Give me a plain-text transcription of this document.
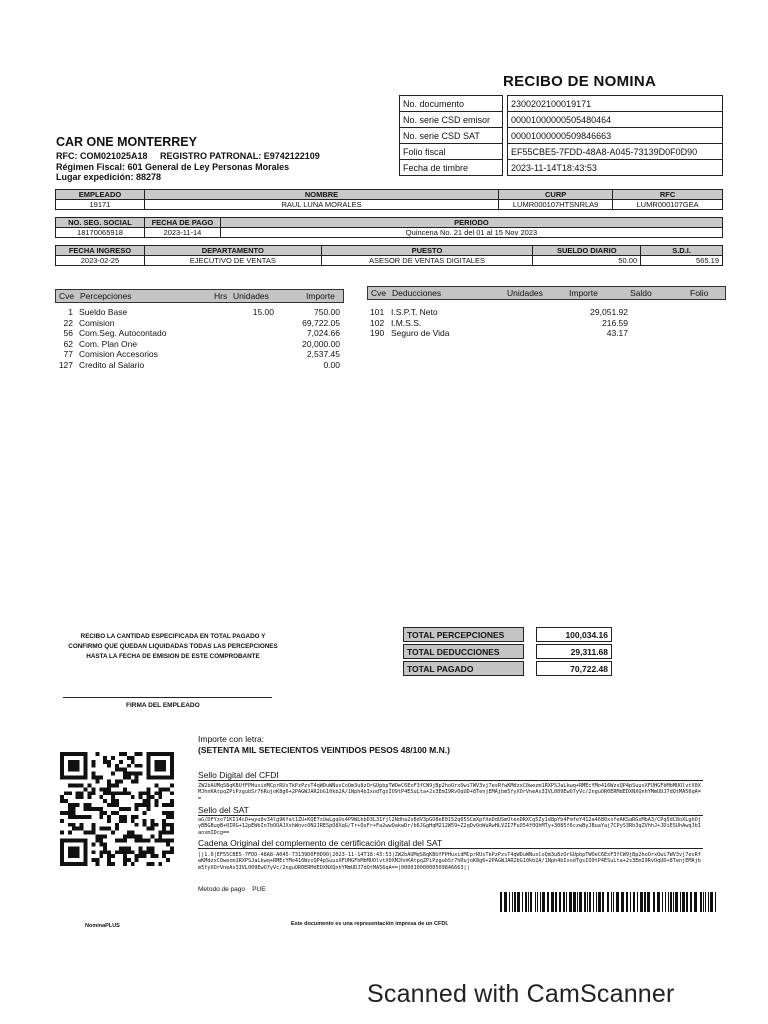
RECIBO DE NOMINA
No. documento		2300202100019171
No. serie CSD emisor		00001000000505480464
No. serie CSD SAT		00001000000509846663
Folio fiscal		EF55CBE5-7FDD-48A8-A045-73139D0F0D90
Fecha de timbre		2023-11-14T18:43:53
CAR ONE MONTERREY
RFC: COM021025A18     REGISTRO PATRONAL: E9742122109
Régimen Fiscal: 601 General de Ley Personas Morales
Lugar expedición: 88278
EMPLEADO	NOMBRE	CURP	RFC
19171	RAUL LUNA MORALES	LUMR000107HTSNRLA9	LUMR000107GEA
NO. SEG. SOCIAL	FECHA DE PAGO	PERIODO
18170065918	2023-11-14	Quincena No. 21 del 01 al 15 Nov 2023
FECHA INGRESO	DEPARTAMENTO	PUESTO	SUELDO DIARIO	S.D.I.
2023-02-25	EJECUTIVO DE VENTAS	ASESOR DE VENTAS DIGITALES	50.00	565.19
Cve Percepciones	Hrs Unidades	Importe
1 Sueldo Base	15.00	750.00
22 Comision	69,722.05
56 Com.Seg. Autocontado	7,024.66
62 Com. Plan One	20,000.00
77 Comision Accesorios	2,537.45
127 Credito al Salario	0.00
Cve Deducciones	Unidades	Importe	Saldo	Folio
101 I.S.P.T. Neto	29,051.92
102 I.M.S.S.	216.59
190 Seguro de Vida	43.17
RECIBO LA CANTIDAD ESPECIFICADA EN TOTAL PAGADO Y
CONFIRMO QUE QUEDAN LIQUIDADAS TODAS LAS PERCEPCIONES
HASTA LA FECHA DE EMISION DE ESTE COMPROBANTE
TOTAL PERCEPCIONES		100,034.16

TOTAL DEDUCCIONES		29,311.68

TOTAL PAGADO		70,722.48
FIRMA DEL EMPLEADO
Importe con letra:
(SETENTA MIL SETECIENTOS VEINTIDOS PESOS 48/100 M.N.)
Sello Digital del CFDI
ZW2bAUMqS8qKBUfFPHuxidMCprRUsTkPzPzsT4qWDuWNusCoQm3u8zOrGUpbpTWOeC6ExF3fCW9jBp2hoOrxOwi7WV3vj7esRfwKMdzxC0wezm1RXPSJaLkwq+RMEcYMo416WzsQP4pSuusXFUHGFbMbMUOlvtX0XMJhnKAtpqZPiPzgubSr7hRujoK8g6+2PAGWJAR2bG10kb2A/1Nph4bIxodTgsIO9tP4ESuLta+2s3EmI9RvOqUD+8TenjEMAjbm5fyXOrVneAs3IVL009EwO7yVc/2nguOR0ERMdEDXNXQnhYMmUDJ7dQtMA56qA==
Sello del SAT
aG/DFYzo71KI14cD+wyu0v34lg9Kfat1ZU+KQE7sOwLgqUs4P9WLbbD3L31fjl2Ndha2sBdV3pGO8eE0152q05SCmXpfXeDdUSmOtenDRXCq5Zy1d8pYb4FmfeY412a4680xsfeAKSaRGxMbA3/CPq5dC8oXLghOjyBBGBugB+0IRG+12pEWbIn7bOOAJXshWovcON2JRESpO8XqG/Tr+QsFr+Fa2wwQakwDr/b6JGgHqM212W59+Z2qDvOoWuRwHLVZI7FuO54f0QhMTy+3085f6czwByJBuaYaj7CPyS3Rh3qZVhhJ+JDiESUhAwqJbIanxmIDcg==
Cadena Original del complemento de certificación digital del SAT
||1.0|EF55CBE5-7FDD-48A8-A045-73139D0F0D90|2023-11-14T18:43:53|ZW2bAUMqS8qKBUfFPHuxidMCprRUsTkPzPzsT4qWDuWNusCoQm3u8zOrGUpbpTWOeC6ExF3fCW9jBp2hoOrxOwi7WV3vj7esRfwKMdzxC0wezm1RXPSJaLkwq+RMEcYMo416WzsQP4pSuusXFUHGFbMbMUOlvtX0XMJhnKAtpqZPiPzgubSr7hRujoK8g6+2PAGWJAR2bG10kb2A/1Nph4bIxodTgsIO9tP4ESuLta+2s3EmI9RvOqUD+8TenjEMAjbm5fyXOrVneAs3IVL009EwO7yVc/2nguOR0ERMdEDXNXQnhYMmUDJ7dQtMA56qA==|00001000000509846663||
Metodo de pago    PUE
NominaPLUS	Este documento es una representación impresa de un CFDI.
Scanned with CamScanner
